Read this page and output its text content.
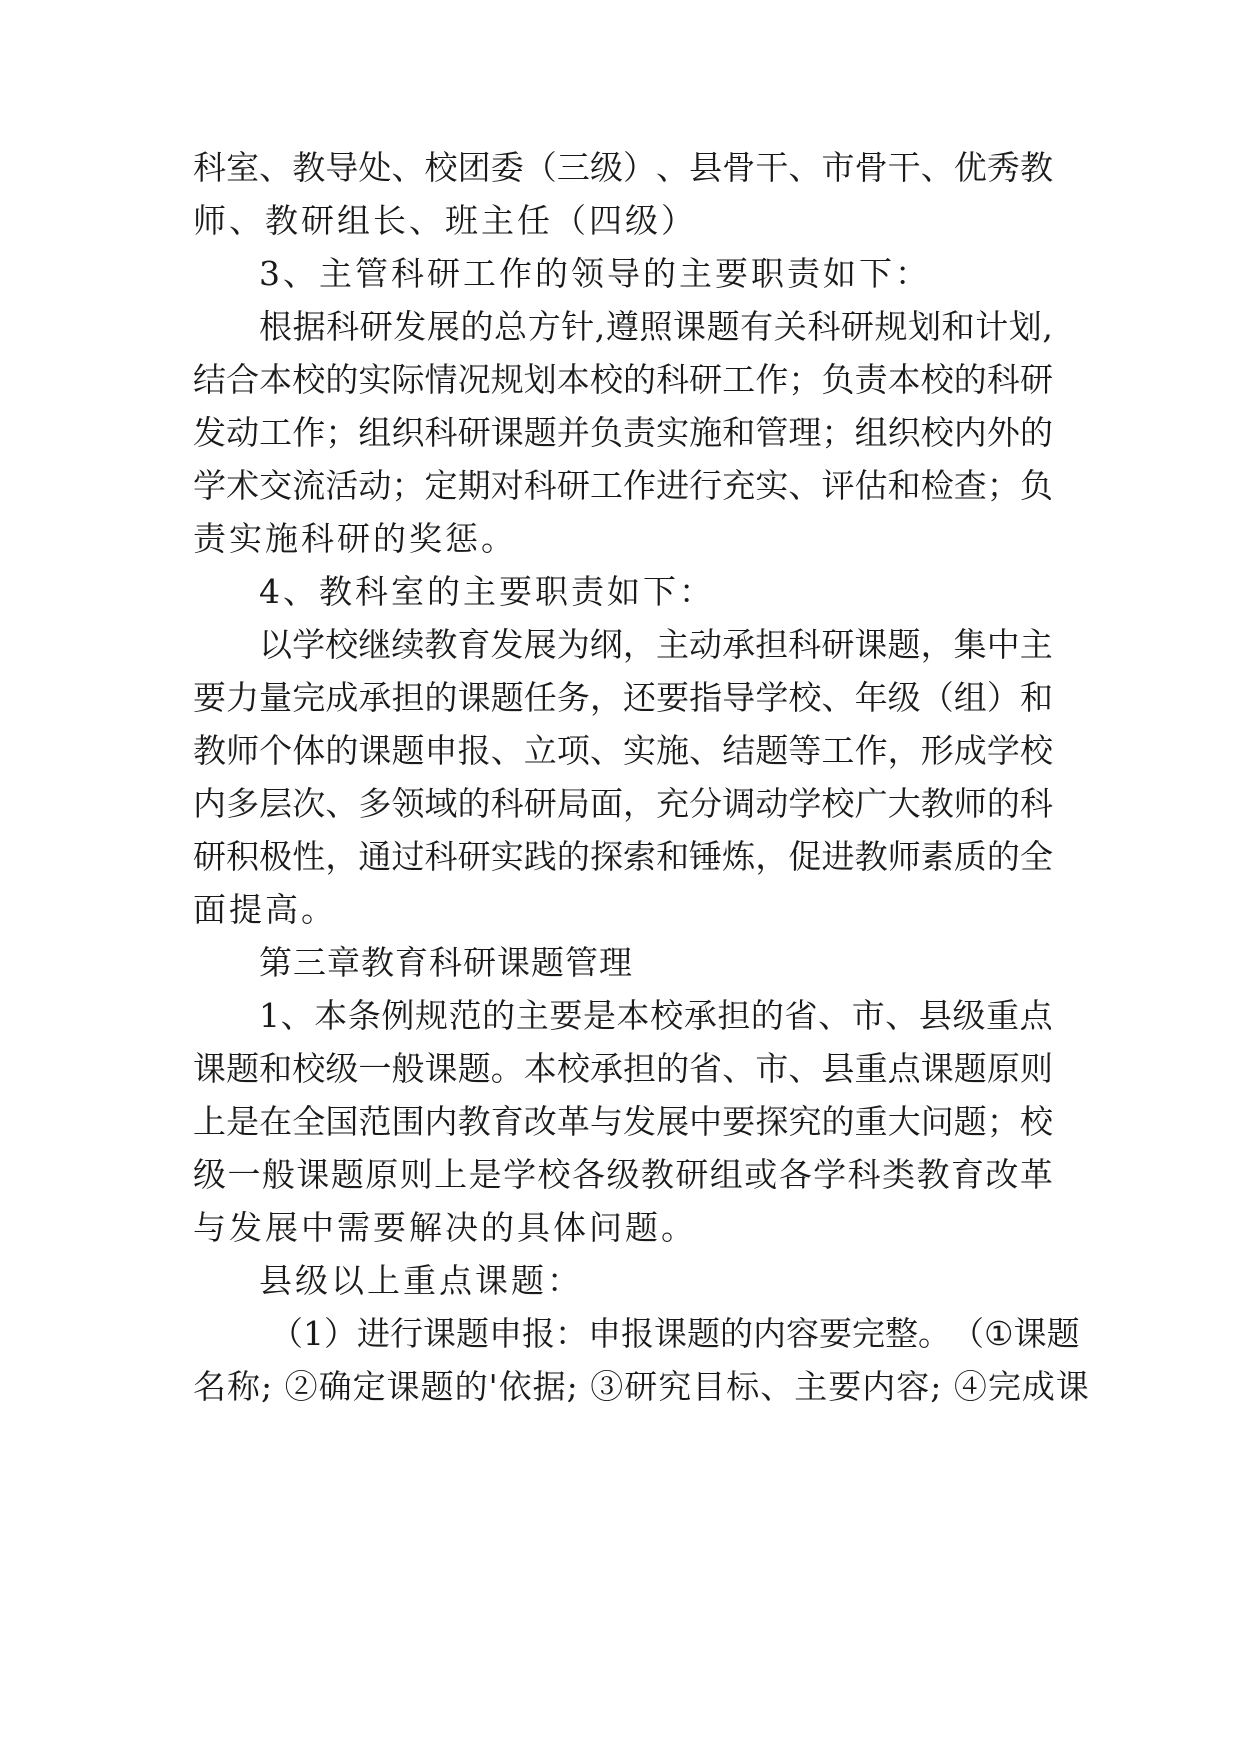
科 室 、 教 导 处 、 校 团 委 （ 三 级 ） 、 县 骨 干 、 市 骨 干 、 优 秀 教
师、教研组长、班主任（四级）
3、主管科研工作的领导的主要职责如下：
根 据 科 研 发 展 的 总 方 针 , 遵 照 课 题 有 关 科 研 规 划 和 计 划 ,
结 合 本 校 的 实 际 情 况 规 划 本 校 的 科 研 工 作 ； 负 责 本 校 的 科 研
发 动 工 作 ； 组 织 科 研 课 题 并 负 责 实 施 和 管 理 ； 组 织 校 内 外 的
学 术 交 流 活 动 ； 定 期 对 科 研 工 作 进 行 充 实 、 评 估 和 检 查 ； 负
责实施科研的奖惩。
4、教科室的主要职责如下：
以 学 校 继 续 教 育 发 展 为 纲 ， 主 动 承 担 科 研 课 题 ， 集 中 主
要 力 量 完 成 承 担 的 课 题 任 务 ， 还 要 指 导 学 校 、 年 级 （ 组 ） 和
教 师 个 体 的 课 题 申 报 、 立 项 、 实 施 、 结 题 等 工 作 ， 形 成 学 校
内 多 层 次 、 多 领 域 的 科 研 局 面 ， 充 分 调 动 学 校 广 大 教 师 的 科
研 积 极 性 ， 通 过 科 研 实 践 的 探 索 和 锤 炼 ， 促 进 教 师 素 质 的 全
面提高。
第三章教育科研课题管理
1 、 本 条 例 规 范 的 主 要 是 本 校 承 担 的 省 、 市 、 县 级 重 点
课 题 和 校 级 一 般 课 题 。 本 校 承 担 的 省 、 市 、 县 重 点 课 题 原 则
上 是 在 全 国 范 围 内 教 育 改 革 与 发 展 中 要 探 究 的 重 大 问 题 ； 校
级 一 般 课 题 原 则 上 是 学 校 各 级 教 研 组 或 各 学 科 类 教 育 改 革
与发展中需要解决的具体问题。
县级以上重点课题：
（ 1 ） 进 行 课 题 申 报 ： 申 报 课 题 的 内 容 要 完 整 。 （ ① 课 题
名称; ②确定课题的'依据; ③研究目标、主要内容; ④完成课
